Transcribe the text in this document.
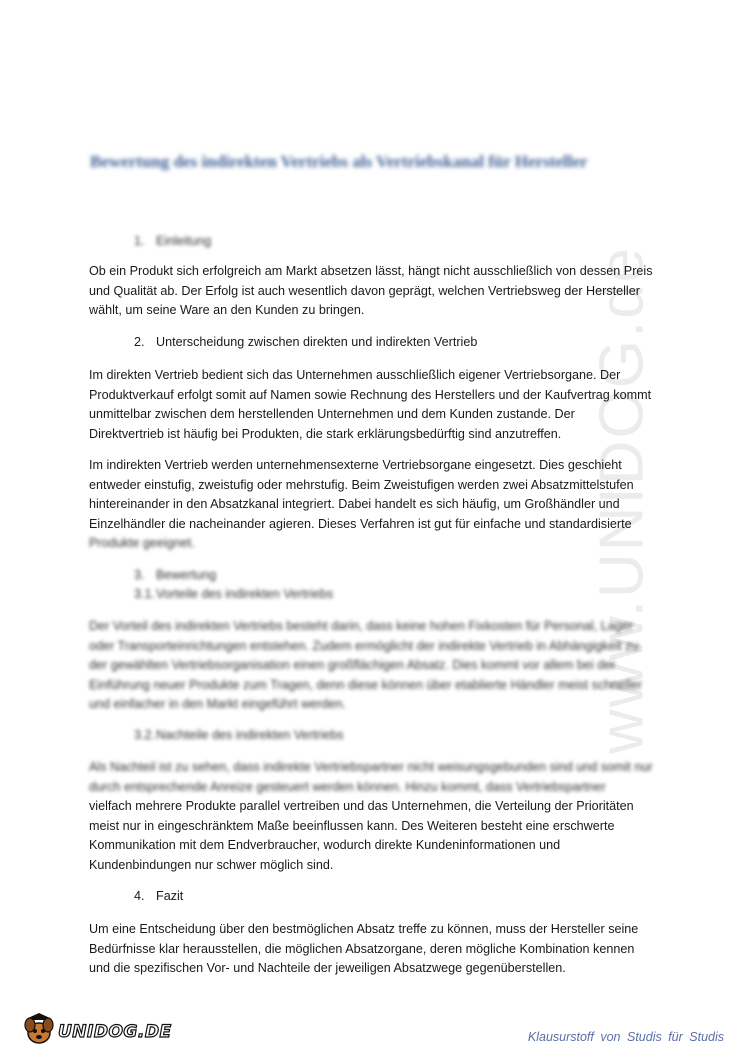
www.UNIDOG.de
Bewertung des indirekten Vertriebs als Vertriebskanal für Hersteller
1. Einleitung
Ob ein Produkt sich erfolgreich am Markt absetzen lässt, hängt nicht ausschließlich von dessen Preis
und Qualität ab. Der Erfolg ist auch wesentlich davon geprägt, welchen Vertriebsweg der Hersteller
wählt, um seine Ware an den Kunden zu bringen.
2. Unterscheidung zwischen direkten und indirekten Vertrieb
Im direkten Vertrieb bedient sich das Unternehmen ausschließlich eigener Vertriebsorgane. Der
Produktverkauf erfolgt somit auf Namen sowie Rechnung des Herstellers und der Kaufvertrag kommt
unmittelbar zwischen dem herstellenden Unternehmen und dem Kunden zustande. Der
Direktvertrieb ist häufig bei Produkten, die stark erklärungsbedürftig sind anzutreffen.
Im indirekten Vertrieb werden unternehmensexterne Vertriebsorgane eingesetzt. Dies geschieht
entweder einstufig, zweistufig oder mehrstufig. Beim Zweistufigen werden zwei Absatzmittelstufen
hintereinander in den Absatzkanal integriert. Dabei handelt es sich häufig, um Großhändler und
Einzelhändler die nacheinander agieren. Dieses Verfahren ist gut für einfache und standardisierte
Produkte geeignet.
3. Bewertung
3.1.Vorteile des indirekten Vertriebs
Der Vorteil des indirekten Vertriebs besteht darin, dass keine hohen Fixkosten für Personal, Lager
oder Transporteinrichtungen entstehen. Zudem ermöglicht der indirekte Vertrieb in Abhängigkeit zu
der gewählten Vertriebsorganisation einen großflächigen Absatz. Dies kommt vor allem bei der
Einführung neuer Produkte zum Tragen, denn diese können über etablierte Händler meist schneller
und einfacher in den Markt eingeführt werden.
3.2.Nachteile des indirekten Vertriebs
Als Nachteil ist zu sehen, dass indirekte Vertriebspartner nicht weisungsgebunden sind und somit nur
durch entsprechende Anreize gesteuert werden können. Hinzu kommt, dass Vertriebspartner
vielfach mehrere Produkte parallel vertreiben und das Unternehmen, die Verteilung der Prioritäten
meist nur in eingeschränktem Maße beeinflussen kann. Des Weiteren besteht eine erschwerte
Kommunikation mit dem Endverbraucher, wodurch direkte Kundeninformationen und
Kundenbindungen nur schwer möglich sind.
4. Fazit
Um eine Entscheidung über den bestmöglichen Absatz treffe zu können, muss der Hersteller seine
Bedürfnisse klar herausstellen, die möglichen Absatzorgane, deren mögliche Kombination kennen
und die spezifischen Vor- und Nachteile der jeweiligen Absatzwege gegenüberstellen.
UNIDOG.DE	Klausurstoff von Studis für Studis
